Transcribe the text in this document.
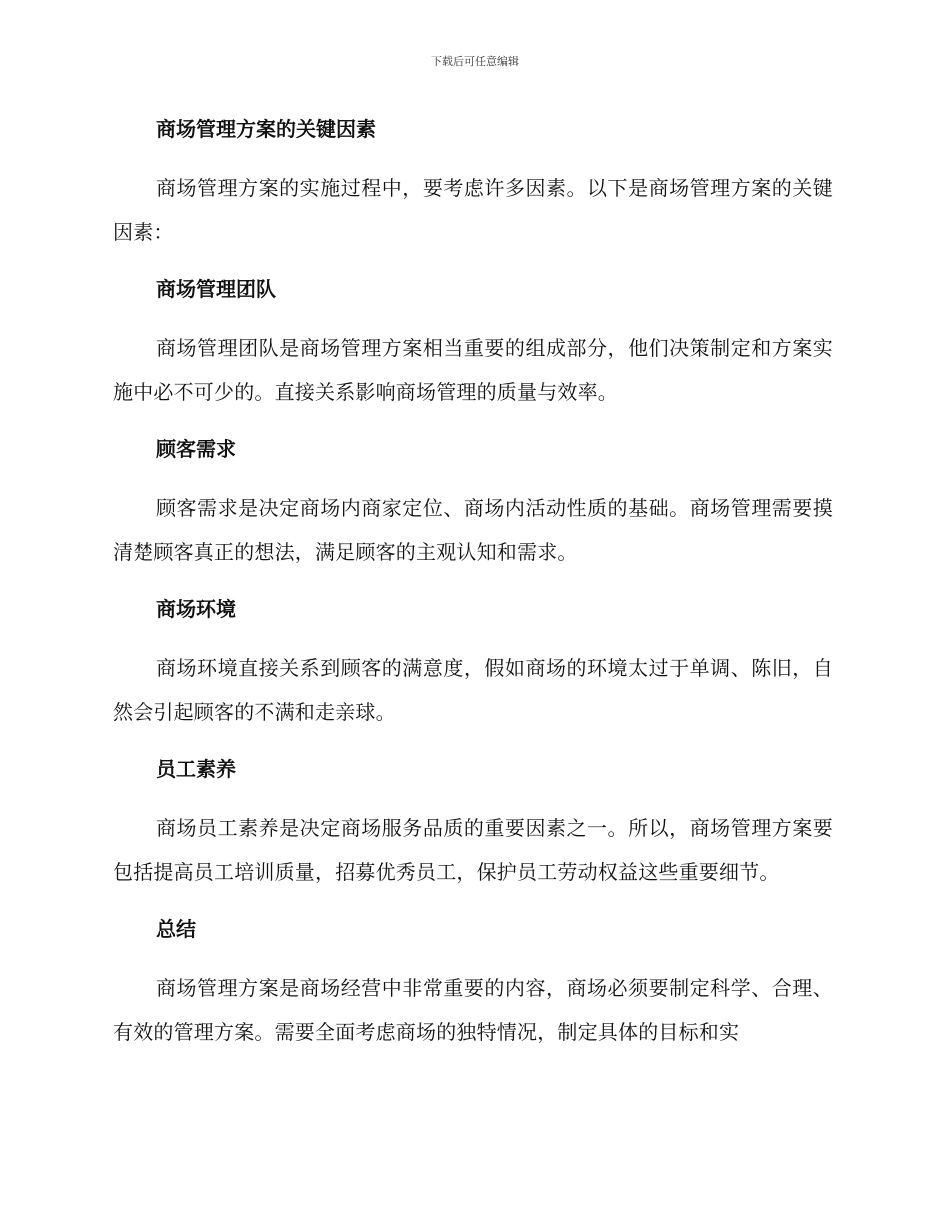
下载后可任意编辑
商场管理方案的关键因素

商场管理方案的实施过程中，要考虑许多因素。以下是商场管理方案的关键因素：

商场管理团队

商场管理团队是商场管理方案相当重要的组成部分，他们决策制定和方案实施中必不可少的。直接关系影响商场管理的质量与效率。

顾客需求

顾客需求是决定商场内商家定位、商场内活动性质的基础。商场管理需要摸清楚顾客真正的想法，满足顾客的主观认知和需求。

商场环境

商场环境直接关系到顾客的满意度，假如商场的环境太过于单调、陈旧，自然会引起顾客的不满和走亲球。

员工素养

商场员工素养是决定商场服务品质的重要因素之一。所以，商场管理方案要包括提高员工培训质量，招募优秀员工，保护员工劳动权益这些重要细节。

总结

商场管理方案是商场经营中非常重要的内容，商场必须要制定科学、合理、有效的管理方案。需要全面考虑商场的独特情况，制定具体的目标和实
